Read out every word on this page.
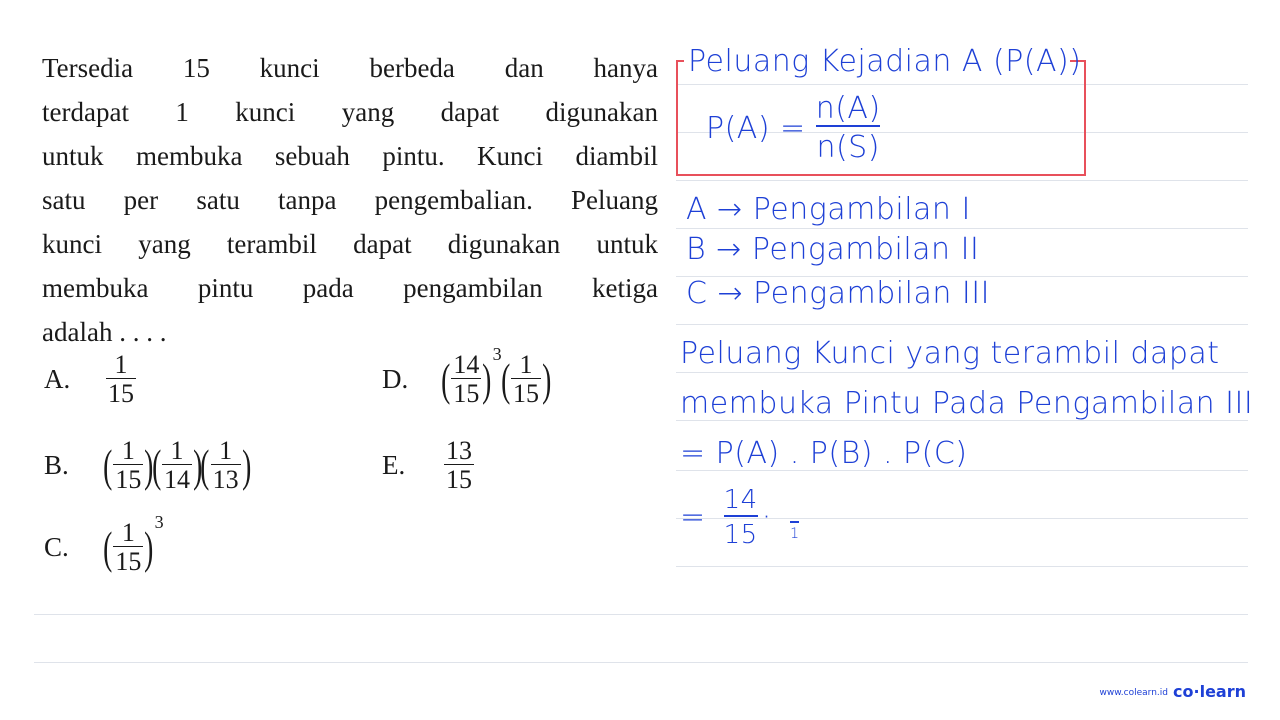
Tersedia 15 kunci berbeda dan hanya
terdapat 1 kunci yang dapat digunakan
untuk membuka sebuah pintu. Kunci diambil
satu per satu tanpa pengembalian. Peluang
kunci yang terambil dapat digunakan untuk
membuka pintu pada pengambilan ketiga
adalah . . . .
A.	$\frac{1}{15}$
B. ( $\frac{1}{15}$ )
( $\frac{1}{14}$ )
( $\frac{1}{13}$ )
C. ( $\frac{1}{15}$ ) 3
D. ( $\frac{14}{15}$ ) 3 ( $\frac{1}{15}$ )
E.	$\frac{13}{15}$
Peluang Kejadian A (P(A))
$P(A) = \frac{n(A)}{n(S)}$
A → Pengambilan I
B → Pengambilan II
C → Pengambilan III
Peluang Kunci yang terambil dapat
membuka Pintu Pada Pengambilan III
= P(A) . P(B) . P(C)
= $\frac{14}{15} \cdot 1$
www.colearn.id co·learn
